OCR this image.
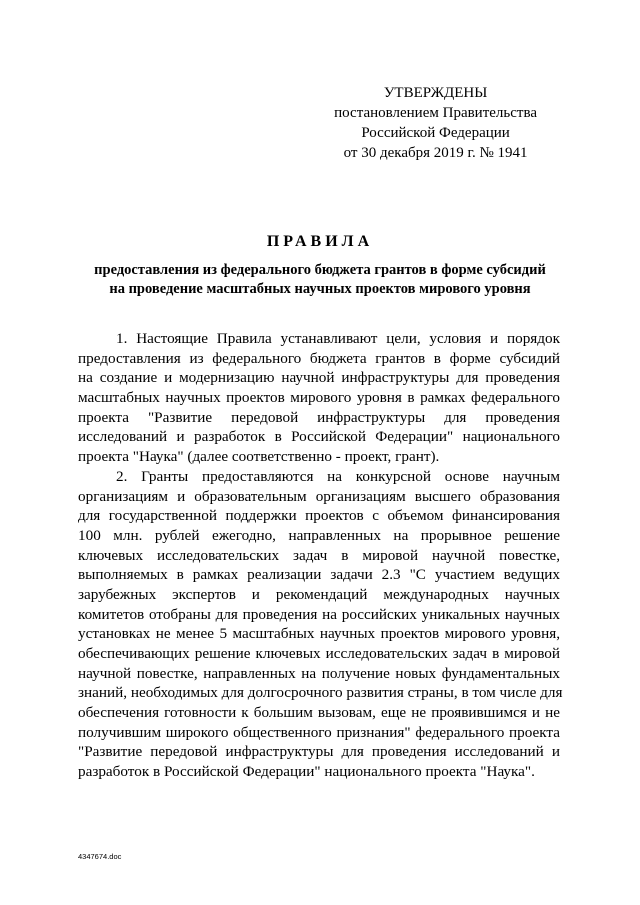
УТВЕРЖДЕНЫ
постановлением Правительства
Российской Федерации
от 30 декабря 2019 г. № 1941
ПРАВИЛА
предоставления из федерального бюджета грантов в форме субсидий
на проведение масштабных научных проектов мирового уровня
1. Настоящие Правила устанавливают цели, условия и порядок
предоставления из федерального бюджета грантов в форме субсидий
на создание и модернизацию научной инфраструктуры для проведения
масштабных научных проектов мирового уровня в рамках федерального
проекта "Развитие передовой инфраструктуры для проведения
исследований и разработок в Российской Федерации" национального
проекта "Наука" (далее соответственно - проект, грант).
2. Гранты предоставляются на конкурсной основе научным
организациям и образовательным организациям высшего образования
для государственной поддержки проектов с объемом финансирования
100 млн. рублей ежегодно, направленных на прорывное решение
ключевых исследовательских задач в мировой научной повестке,
выполняемых в рамках реализации задачи 2.3 "С участием ведущих
зарубежных экспертов и рекомендаций международных научных
комитетов отобраны для проведения на российских уникальных научных
установках не менее 5 масштабных научных проектов мирового уровня,
обеспечивающих решение ключевых исследовательских задач в мировой
научной повестке, направленных на получение новых фундаментальных
знаний, необходимых для долгосрочного развития страны, в том числе для
обеспечения готовности к большим вызовам, еще не проявившимся и не
получившим широкого общественного признания" федерального проекта
"Развитие передовой инфраструктуры для проведения исследований и
разработок в Российской Федерации" национального проекта "Наука".
4347674.doc
